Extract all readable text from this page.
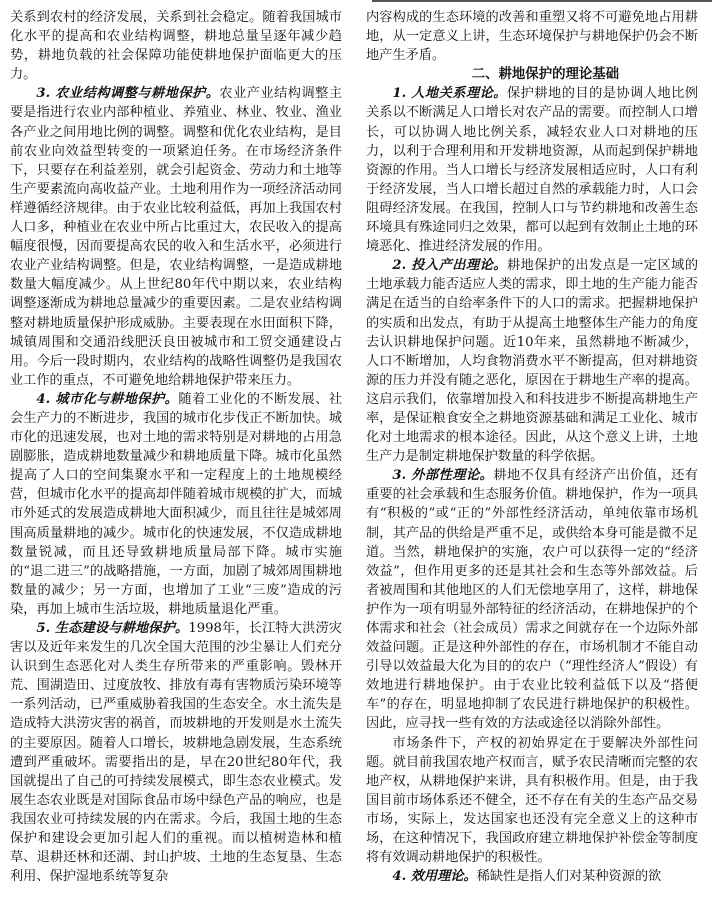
关系到农村的经济发展，关系到社会稳定。随着我国城市化水平的提高和农业结构调整，耕地总量呈逐年减少趋势，耕地负载的社会保障功能使耕地保护面临更大的压力。

3. 农业结构调整与耕地保护。农业产业结构调整主要是指进行农业内部种植业、养殖业、林业、牧业、渔业各产业之间用地比例的调整。调整和优化农业结构，是目前农业向效益型转变的一项紧迫任务。在市场经济条件下，只要存在利益差别，就会引起资金、劳动力和土地等生产要素流向高收益产业。土地利用作为一项经济活动同样遵循经济规律。由于农业比较利益低，再加上我国农村人口多，种植业在农业中所占比重过大，农民收入的提高幅度很慢，因而要提高农民的收入和生活水平，必须进行农业产业结构调整。但是，农业结构调整，一是造成耕地数量大幅度减少。从上世纪80年代中期以来，农业结构调整逐渐成为耕地总量减少的重要因素。二是农业结构调整对耕地质量保护形成威胁。主要表现在水田面积下降，城镇周围和交通沿线肥沃良田被城市和工贸交通建设占用。今后一段时期内，农业结构的战略性调整仍是我国农业工作的重点，不可避免地给耕地保护带来压力。

4. 城市化与耕地保护。随着工业化的不断发展、社会生产力的不断进步，我国的城市化步伐正不断加快。城市化的迅速发展，也对土地的需求特别是对耕地的占用急剧膨胀，造成耕地数量减少和耕地质量下降。城市化虽然提高了人口的空间集聚水平和一定程度上的土地规模经营，但城市化水平的提高却伴随着城市规模的扩大，而城市外延式的发展造成耕地大面积减少，而且往往是城郊周围高质量耕地的减少。城市化的快速发展，不仅造成耕地数量锐减，而且还导致耕地质量局部下降。城市实施的“退二进三”的战略措施，一方面，加剧了城郊周围耕地数量的减少；另一方面，也增加了工业“三废”造成的污染，再加上城市生活垃圾，耕地质量退化严重。

5. 生态建设与耕地保护。1998年，长江特大洪涝灾害以及近年来发生的几次全国大范围的沙尘暴让人们充分认识到生态恶化对人类生存所带来的严重影响。毁林开荒、围湖造田、过度放牧、排放有毒有害物质污染环境等一系列活动，已严重威胁着我国的生态安全。水土流失是造成特大洪涝灾害的祸首，而坡耕地的开发则是水土流失的主要原因。随着人口增长，坡耕地急剧发展，生态系统遭到严重破坏。需要指出的是，早在20世纪80年代，我国就提出了自己的可持续发展模式，即生态农业模式。发展生态农业既是对国际食品市场中绿色产品的响应，也是我国农业可持续发展的内在需求。今后，我国土地的生态保护和建设会更加引起人们的重视。而以植树造林和植草、退耕还林和还湖、封山护坡、土地的生态复垦、生态利用、保护湿地系统等复杂

内容构成的生态环境的改善和重塑又将不可避免地占用耕地，从一定意义上讲，生态环境保护与耕地保护仍会不断地产生矛盾。

二、耕地保护的理论基础

1. 人地关系理论。保护耕地的目的是协调人地比例关系以不断满足人口增长对农产品的需要。而控制人口增长，可以协调人地比例关系，减轻农业人口对耕地的压力，以利于合理利用和开发耕地资源，从而起到保护耕地资源的作用。当人口增长与经济发展相适应时，人口有利于经济发展，当人口增长超过自然的承载能力时，人口会阻碍经济发展。在我国，控制人口与节约耕地和改善生态环境具有殊途同归之效果，都可以起到有效制止土地的环境恶化、推进经济发展的作用。

2. 投入产出理论。耕地保护的出发点是一定区域的土地承载力能否适应人类的需求，即土地的生产能力能否满足在适当的自给率条件下的人口的需求。把握耕地保护的实质和出发点，有助于从提高土地整体生产能力的角度去认识耕地保护问题。近10年来，虽然耕地不断减少，人口不断增加，人均食物消费水平不断提高，但对耕地资源的压力并没有随之恶化，原因在于耕地生产率的提高。这启示我们，依靠增加投入和科技进步不断提高耕地生产率，是保证粮食安全之耕地资源基础和满足工业化、城市化对土地需求的根本途径。因此，从这个意义上讲，土地生产力是制定耕地保护数量的科学依据。

3. 外部性理论。耕地不仅具有经济产出价值，还有重要的社会承载和生态服务价值。耕地保护，作为一项具有“积极的”或“正的”外部性经济活动，单纯依靠市场机制，其产品的供给是严重不足，或供给本身可能是微不足道。当然，耕地保护的实施，农户可以获得一定的“经济效益”，但作用更多的还是其社会和生态等外部效益。后者被周围和其他地区的人们无偿地享用了，这样，耕地保护作为一项有明显外部特征的经济活动，在耕地保护的个体需求和社会（社会成员）需求之间就存在一个边际外部效益问题。正是这种外部性的存在，市场机制才不能自动引导以效益最大化为目的的农户（“理性经济人”假设）有效地进行耕地保护。由于农业比较利益低下以及“搭便车”的存在，明显地抑制了农民进行耕地保护的积极性。因此，应寻找一些有效的方法或途径以消除外部性。

市场条件下，产权的初始界定在于要解决外部性问题。就目前我国农地产权而言，赋予农民清晰而完整的农地产权，从耕地保护来讲，具有积极作用。但是，由于我国目前市场体系还不健全，还不存在有关的生态产品交易市场，实际上，发达国家也还没有完全意义上的这种市场，在这种情况下，我国政府建立耕地保护补偿金等制度将有效调动耕地保护的积极性。

4. 效用理论。稀缺性是指人们对某种资源的欲
